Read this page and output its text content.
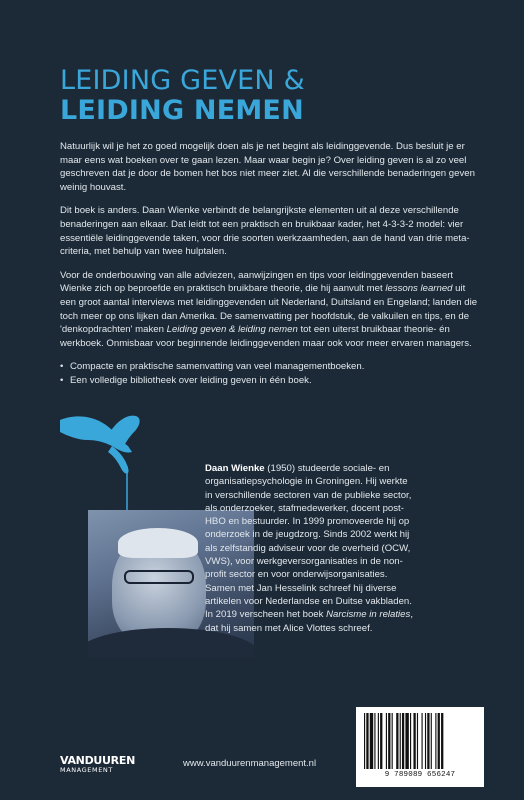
LEIDING GEVEN &
LEIDING NEMEN

Natuurlijk wil je het zo goed mogelijk doen als je net begint als leidinggevende. Dus besluit je er maar eens wat boeken over te gaan lezen. Maar waar begin je? Over leiding geven is al zo veel geschreven dat je door de bomen het bos niet meer ziet. Al die verschillende benaderingen geven weinig houvast.

Dit boek is anders. Daan Wienke verbindt de belangrijkste elementen uit al deze verschillende benaderingen aan elkaar. Dat leidt tot een praktisch en bruikbaar kader, het 4-3-3-2 model: vier essentiële leidinggevende taken, voor drie soorten werkzaamheden, aan de hand van drie meta-criteria, met behulp van twee hulptalen.

Voor de onderbouwing van alle adviezen, aanwijzingen en tips voor leidinggevenden baseert Wienke zich op beproefde en praktisch bruikbare theorie, die hij aanvult met lessons learned uit een groot aantal interviews met leidinggevenden uit Nederland, Duitsland en Engeland; landen die toch meer op ons lijken dan Amerika. De samenvatting per hoofdstuk, de valkuilen en tips, en de 'denkopdrachten' maken Leiding geven & leiding nemen tot een uiterst bruikbaar theorie- én werkboek. Onmisbaar voor beginnende leidinggevenden maar ook voor meer ervaren managers.

• Compacte en praktische samenvatting van veel managementboeken.
• Een volledige bibliotheek over leiding geven in één boek.
Daan Wienke (1950) studeerde sociale- en organisatiepsychologie in Groningen. Hij werkte in verschillende sectoren van de publieke sector, als onderzoeker, stafmedewerker, docent post-HBO en bestuurder. In 1999 promoveerde hij op onderzoek in de jeugdzorg. Sinds 2002 werkt hij als zelfstandig adviseur voor de overheid (OCW, VWS), voor werkgeversorganisaties in de non-profit sector en voor onderwijsorganisaties. Samen met Jan Hesselink schreef hij diverse artikelen voor Nederlandse en Duitse vakbladen. In 2019 verscheen het boek Narcisme in relaties, dat hij samen met Alice Vlottes schreef.
VANDUUREN
MANAGEMENT
www.vanduurenmanagement.nl
9 789089 656247
